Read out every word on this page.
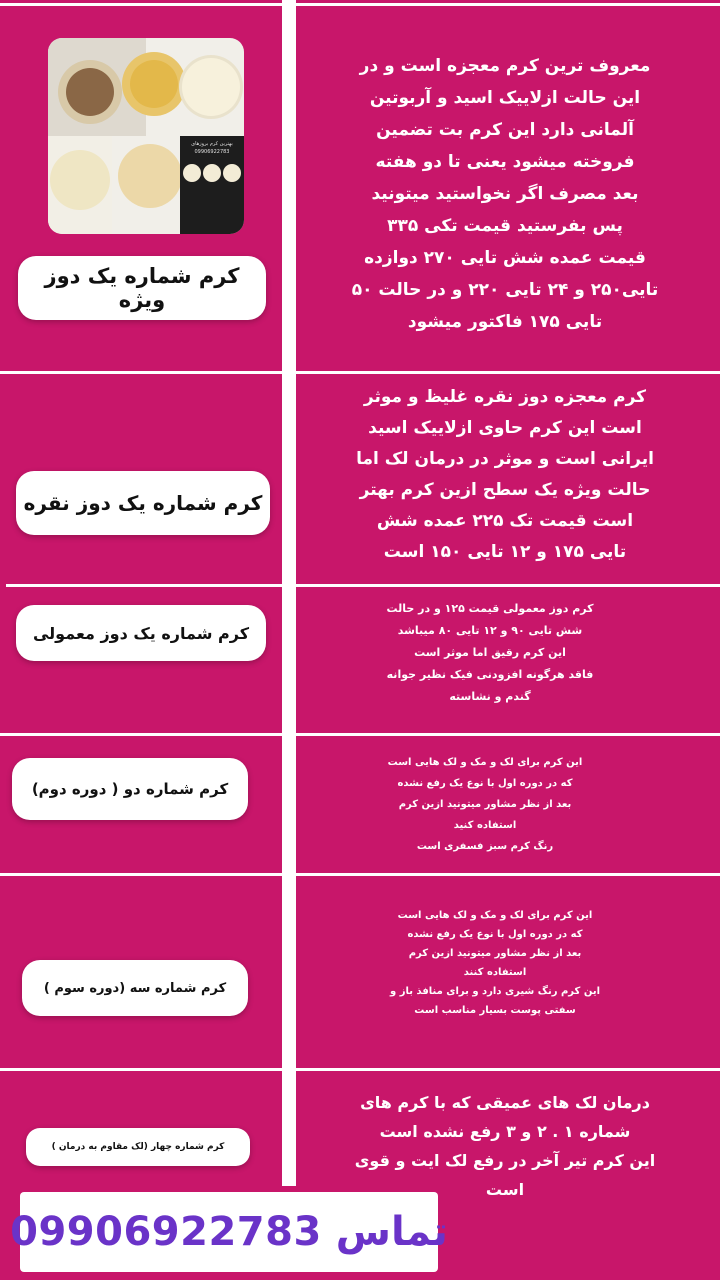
بهترین کرم بروزهای
09906922783
کرم شماره یک دوز ویژه
معروف ترین کرم معجزه است و در
این حالت ازلاییک اسید و آربوتین
آلمانی دارد این کرم بت تضمین
فروخته میشود یعنی تا دو هفته
بعد مصرف اگر نخواستید میتونید
پس بفرستید قیمت تکی ۳۳۵
قیمت عمده شش تایی ۲۷۰ دوازده
تایی۲۵۰ و ۲۴ تایی ۲۲۰ و در حالت ۵۰
تایی ۱۷۵ فاکتور میشود
کرم شماره یک دوز نقره
کرم معجزه دوز نقره غلیظ و موثر
است این کرم حاوی ازلاییک اسید
ایرانی است و موثر در درمان لک اما
حالت ویژه یک سطح ازین کرم بهتر
است قیمت تک ۲۲۵ عمده شش
تایی ۱۷۵ و ۱۲ تایی ۱۵۰ است
کرم شماره یک دوز معمولی
کرم دوز معمولی قیمت ۱۲۵ و در حالت
شش تایی ۹۰ و ۱۲ تایی ۸۰ میباشد
این کرم رقیق اما موثر است
فاقد هرگونه افزودنی فیک نظیر جوانه
گندم و نشاسته
کرم شماره دو ( دوره دوم)
این کرم برای لک و مک و لک هایی است
که در دوره اول با نوع یک رفع نشده
بعد از نظر مشاور میتونید ازین کرم
استفاده کنید
رنگ کرم سبز فسفری است
کرم شماره سه (دوره سوم )
این کرم برای لک و مک و لک هایی است
که در دوره اول با نوع یک رفع نشده
بعد از نظر مشاور میتونید ازین کرم
استفاده کنند
این کرم رنگ شیری دارد و برای منافذ باز و
سفتی پوست بسیار مناسب است
کرم شماره چهار (لک مقاوم به درمان )
درمان لک های عمیقی که با کرم های
شماره ۱ . ۲ و ۳ رفع نشده است
این کرم تیر آخر در رفع لک ایت و قوی
است
09906922783 تماس
